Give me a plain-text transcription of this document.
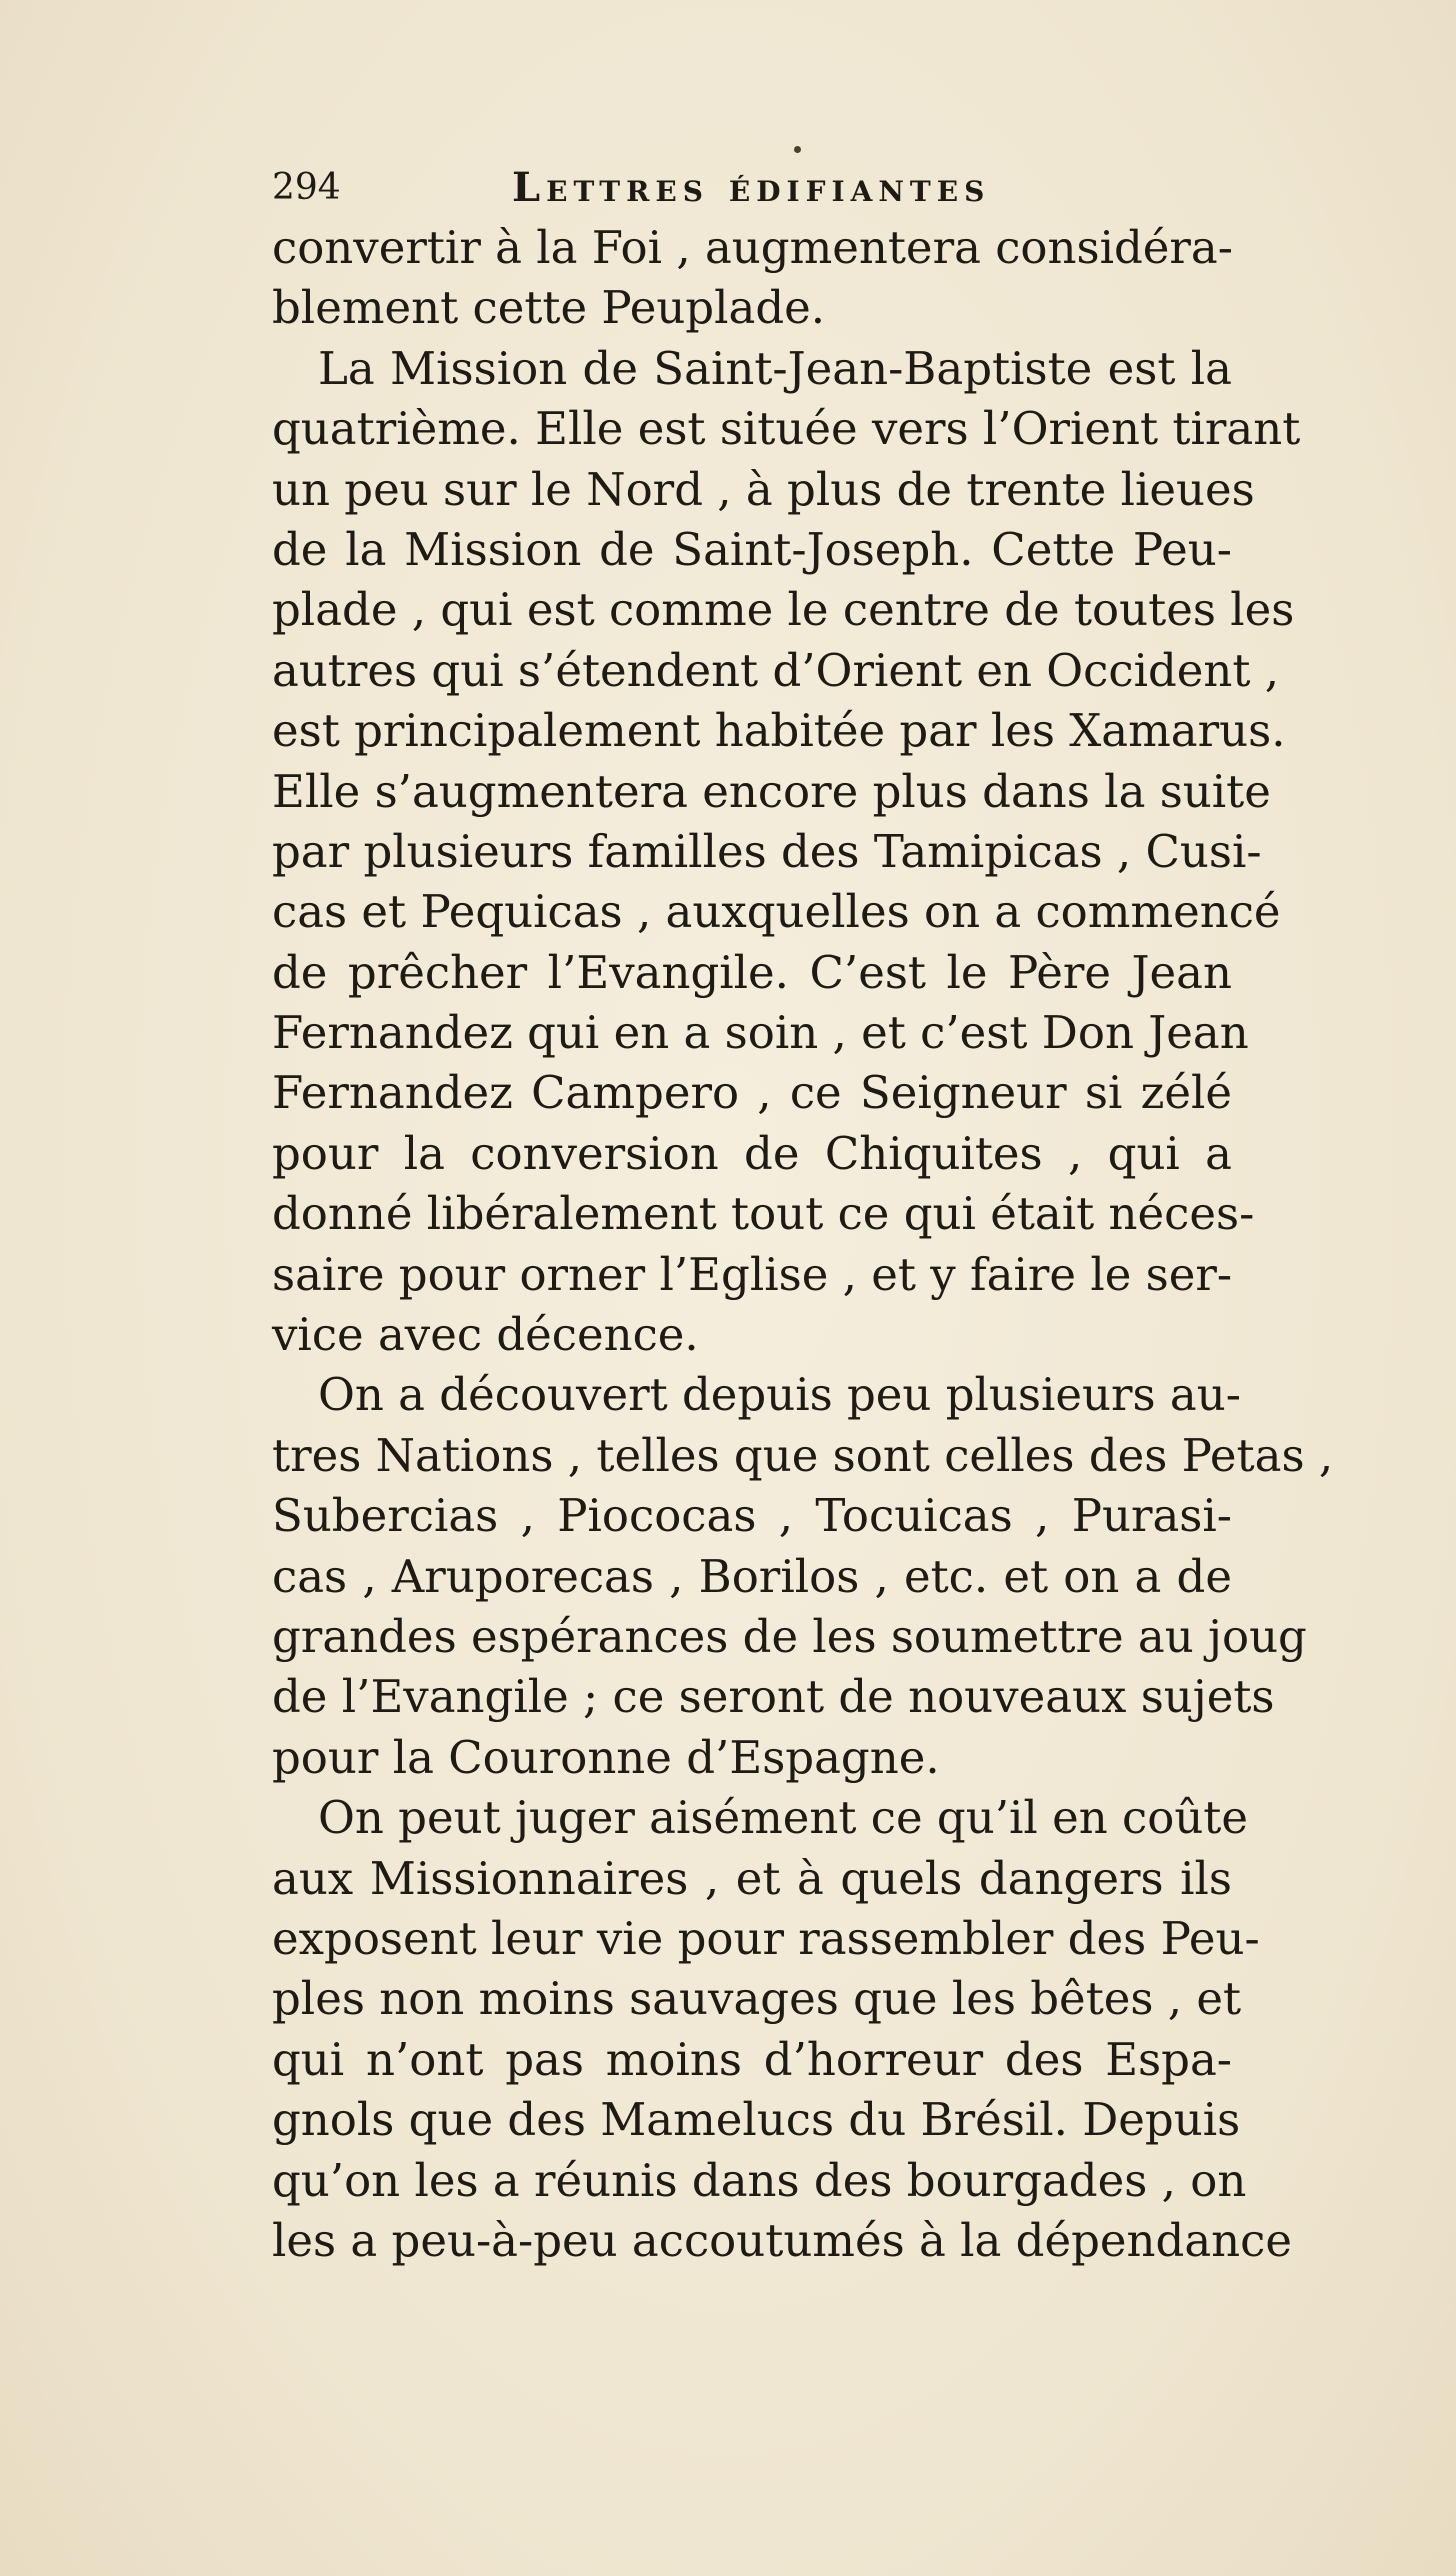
294	Lettres édifiantes
convertir à la Foi , augmentera considéra-
blement cette Peuplade.
La Mission de Saint-Jean-Baptiste est la
quatrième. Elle est située vers l’Orient tirant
un peu sur le Nord , à plus de trente lieues
de la Mission de Saint-Joseph. Cette Peu-
plade , qui est comme le centre de toutes les
autres qui s’étendent d’Orient en Occident ,
est principalement habitée par les Xamarus.
Elle s’augmentera encore plus dans la suite
par plusieurs familles des Tamipicas , Cusi-
cas et Pequicas , auxquelles on a commencé
de prêcher l’Evangile. C’est le Père Jean
Fernandez qui en a soin , et c’est Don Jean
Fernandez Campero , ce Seigneur si zélé
pour la conversion de Chiquites , qui a
donné libéralement tout ce qui était néces-
saire pour orner l’Eglise , et y faire le ser-
vice avec décence.
On a découvert depuis peu plusieurs au-
tres Nations , telles que sont celles des Petas ,
Subercias , Piococas , Tocuicas , Purasi-
cas , Aruporecas , Borilos , etc. et on a de
grandes espérances de les soumettre au joug
de l’Evangile ; ce seront de nouveaux sujets
pour la Couronne d’Espagne.
On peut juger aisément ce qu’il en coûte
aux Missionnaires , et à quels dangers ils
exposent leur vie pour rassembler des Peu-
ples non moins sauvages que les bêtes , et
qui n’ont pas moins d’horreur des Espa-
gnols que des Mamelucs du Brésil. Depuis
qu’on les a réunis dans des bourgades , on
les a peu-à-peu accoutumés à la dépendance
